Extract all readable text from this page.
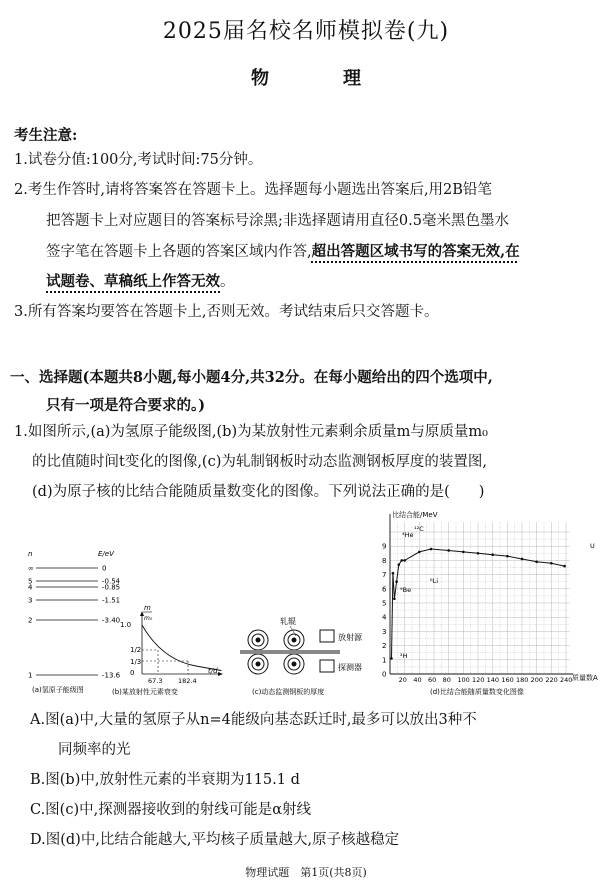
2025届名校名师模拟卷(九)
物　理
考生注意:
1.试卷分值:100分,考试时间:75分钟。
2.考生作答时,请将答案答在答题卡上。选择题每小题选出答案后,用2B铅笔
把答题卡上对应题目的答案标号涂黑;非选择题请用直径0.5毫米黑色墨水
签字笔在答题卡上各题的答案区域内作答,超出答题区域书写的答案无效,在
试题卷、草稿纸上作答无效。
3.所有答案均要答在答题卡上,否则无效。考试结束后只交答题卡。
一、选择题(本题共8小题,每小题4分,共32分。在每小题给出的四个选项中,
只有一项是符合要求的。)
1.如图所示,(a)为氢原子能级图,(b)为某放射性元素剩余质量m与原质量m₀
的比值随时间t变化的图像,(c)为轧制钢板时动态监测钢板厚度的装置图,
(d)为原子核的比结合能随质量数变化的图像。下列说法正确的是(　　)
n	E/eV
∞	0
5	-0.54
4	-0.85
3	-1.51
2	-3.40
1	-13.6
(a)氢原子能级图
m
m₀
1.0
1/2
1/3
0
67.3 182.4
t/d
(b)某放射性元素衰变
轧辊
放射源
探测器
(c)动态监测钢板的厚度
0
1
2
3
4
5
6
7
8
9
20 40 60 80 100 120 140 160 180 200 220 240
比结合能/MeV
质量数A
⁴He
¹²C
⁶Li
⁹Be
²H
U
(d)比结合能随质量数变化图像
A.图(a)中,大量的氢原子从n=4能级向基态跃迁时,最多可以放出3种不
同频率的光
B.图(b)中,放射性元素的半衰期为115.1 d
C.图(c)中,探测器接收到的射线可能是α射线
D.图(d)中,比结合能越大,平均核子质量越大,原子核越稳定
物理试题　第1页(共8页)
